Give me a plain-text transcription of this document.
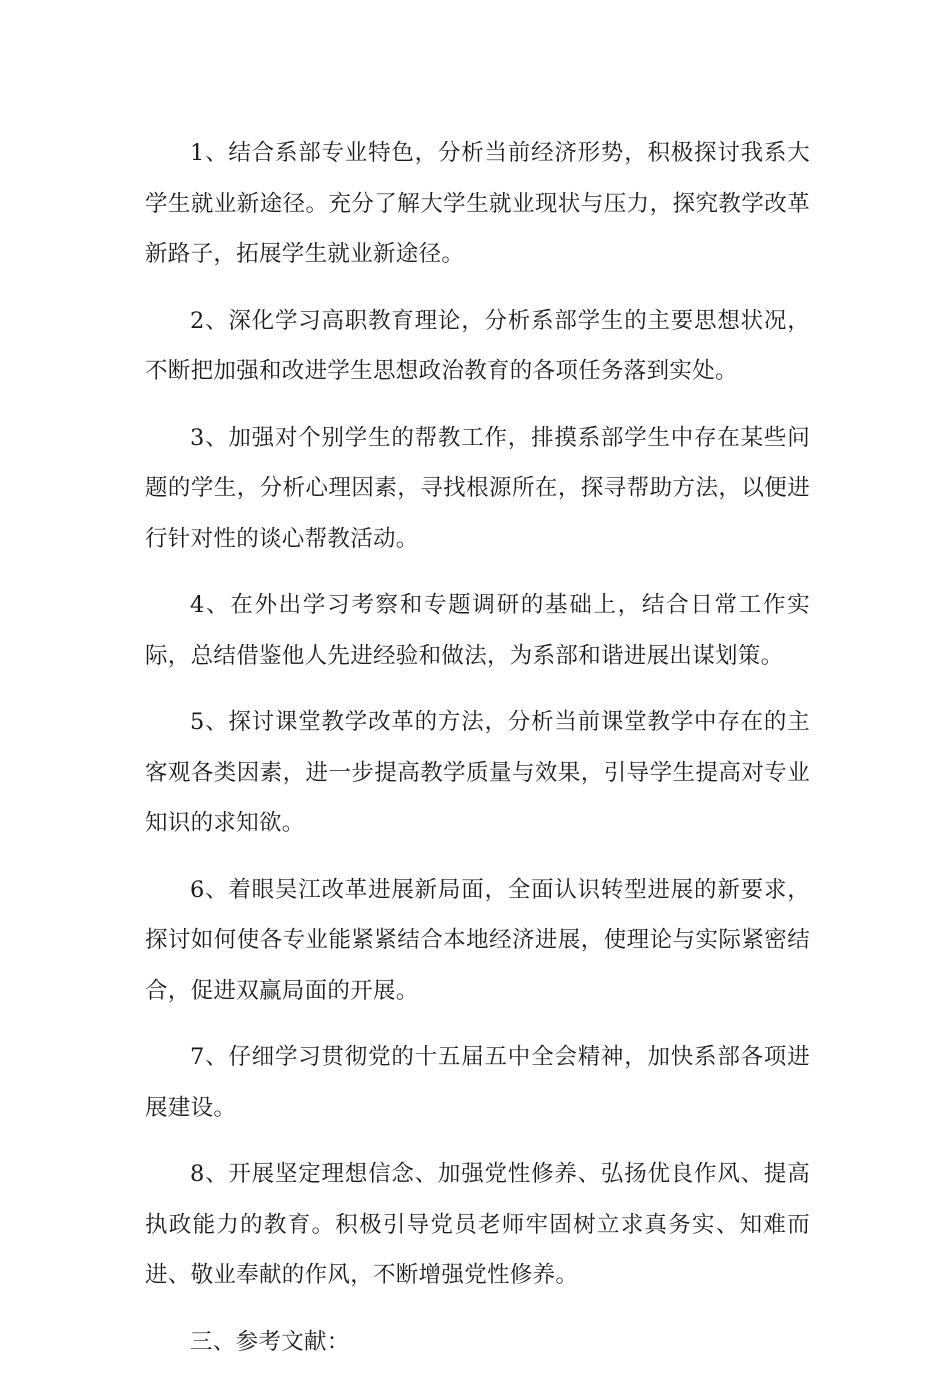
1、结合系部专业特色，分析当前经济形势，积极探讨我系大学生就业新途径。充分了解大学生就业现状与压力，探究教学改革新路子，拓展学生就业新途径。

2、深化学习高职教育理论，分析系部学生的主要思想状况，不断把加强和改进学生思想政治教育的各项任务落到实处。

3、加强对个别学生的帮教工作，排摸系部学生中存在某些问题的学生，分析心理因素，寻找根源所在，探寻帮助方法，以便进行针对性的谈心帮教活动。

4、在外出学习考察和专题调研的基础上，结合日常工作实际，总结借鉴他人先进经验和做法，为系部和谐进展出谋划策。

5、探讨课堂教学改革的方法，分析当前课堂教学中存在的主客观各类因素，进一步提高教学质量与效果，引导学生提高对专业知识的求知欲。

6、着眼吴江改革进展新局面，全面认识转型进展的新要求，探讨如何使各专业能紧紧结合本地经济进展，使理论与实际紧密结合，促进双赢局面的开展。

7、仔细学习贯彻党的十五届五中全会精神，加快系部各项进展建设。

8、开展坚定理想信念、加强党性修养、弘扬优良作风、提高执政能力的教育。积极引导党员老师牢固树立求真务实、知难而进、敬业奉献的作风，不断增强党性修养。

三、参考文献：
